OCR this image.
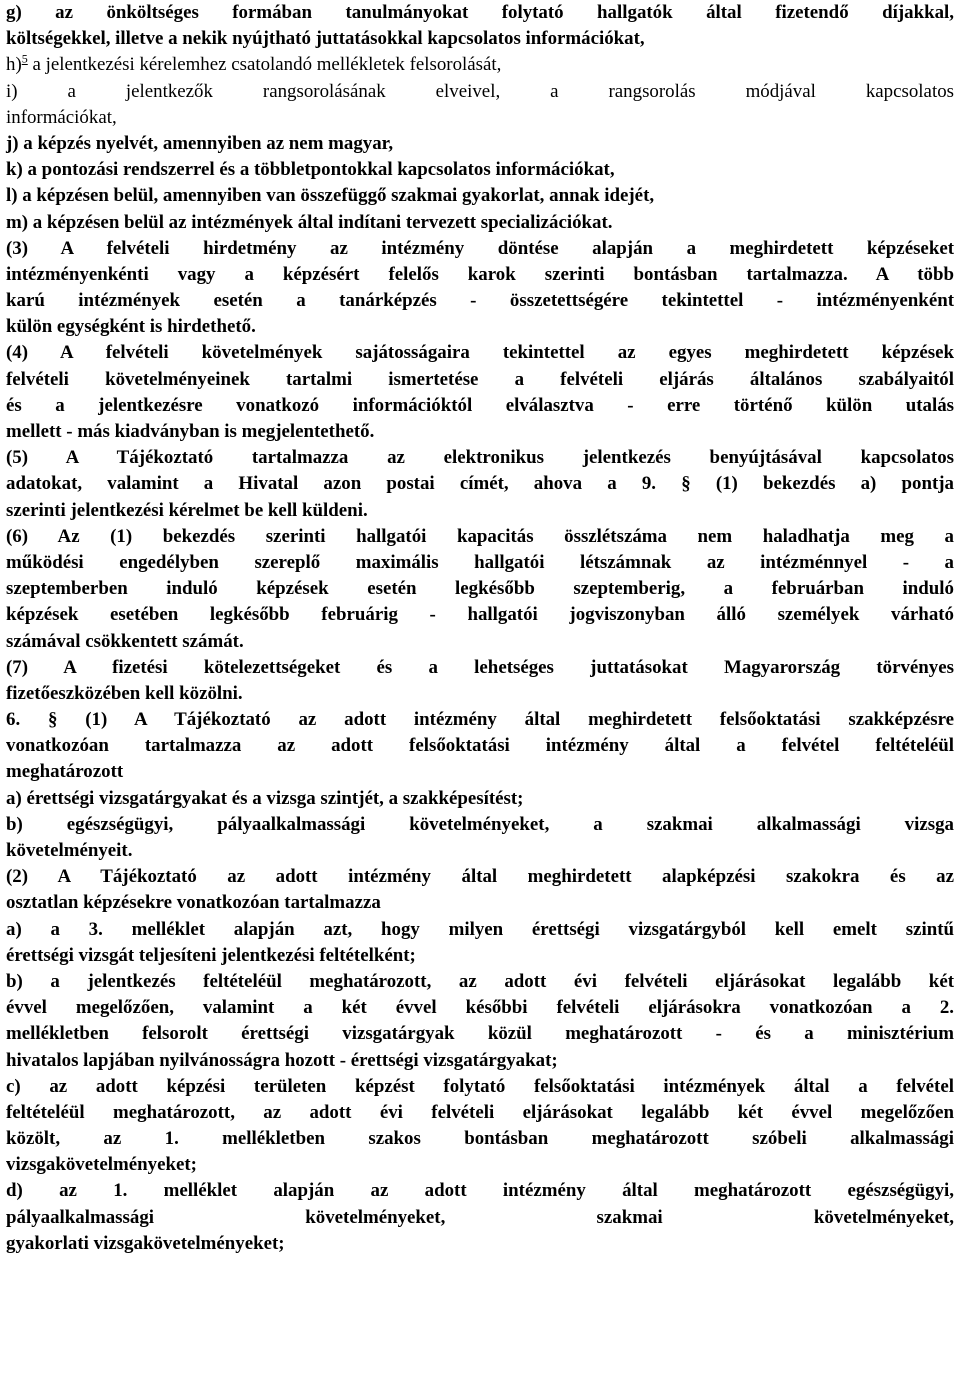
g) az önköltséges formában tanulmányokat folytató hallgatók által fizetendő díjakkal,
költségekkel, illetve a nekik nyújtható juttatásokkal kapcsolatos információkat,
h)$^5$ a jelentkezési kérelemhez csatolandó mellékletek felsorolását,
i) a jelentkezők rangsorolásának elveivel, a rangsorolás módjával kapcsolatos
információkat,
j) a képzés nyelvét, amennyiben az nem magyar,
k) a pontozási rendszerrel és a többletpontokkal kapcsolatos információkat,
l) a képzésen belül, amennyiben van összefüggő szakmai gyakorlat, annak idejét,
m) a képzésen belül az intézmények által indítani tervezett specializációkat.
(3) A felvételi hirdetmény az intézmény döntése alapján a meghirdetett képzéseket
intézményenkénti vagy a képzésért felelős karok szerinti bontásban tartalmazza. A több
karú intézmények esetén a tanárképzés - összetettségére tekintettel - intézményenként
külön egységként is hirdethető.
(4) A felvételi követelmények sajátosságaira tekintettel az egyes meghirdetett képzések
felvételi követelményeinek tartalmi ismertetése a felvételi eljárás általános szabályaitól
és a jelentkezésre vonatkozó információktól elválasztva - erre történő külön utalás
mellett - más kiadványban is megjelentethető.
(5) A Tájékoztató tartalmazza az elektronikus jelentkezés benyújtásával kapcsolatos
adatokat, valamint a Hivatal azon postai címét, ahova a 9. § (1) bekezdés a) pontja
szerinti jelentkezési kérelmet be kell küldeni.
(6) Az (1) bekezdés szerinti hallgatói kapacitás összlétszáma nem haladhatja meg a
működési engedélyben szereplő maximális hallgatói létszámnak az intézménnyel - a
szeptemberben induló képzések esetén legkésőbb szeptemberig, a februárban induló
képzések esetében legkésőbb februárig - hallgatói jogviszonyban álló személyek várható
számával csökkentett számát.
(7) A fizetési kötelezettségeket és a lehetséges juttatásokat Magyarország törvényes
fizetőeszközében kell közölni.
6. § (1) A Tájékoztató az adott intézmény által meghirdetett felsőoktatási szakképzésre
vonatkozóan tartalmazza az adott felsőoktatási intézmény által a felvétel feltételéül
meghatározott
a) érettségi vizsgatárgyakat és a vizsga szintjét, a szakképesítést;
b) egészségügyi, pályaalkalmassági követelményeket, a szakmai alkalmassági vizsga
követelményeit.
(2) A Tájékoztató az adott intézmény által meghirdetett alapképzési szakokra és az
osztatlan képzésekre vonatkozóan tartalmazza
a) a 3. melléklet alapján azt, hogy milyen érettségi vizsgatárgyból kell emelt szintű
érettségi vizsgát teljesíteni jelentkezési feltételként;
b) a jelentkezés feltételéül meghatározott, az adott évi felvételi eljárásokat legalább két
évvel megelőzően, valamint a két évvel későbbi felvételi eljárásokra vonatkozóan a 2.
mellékletben felsorolt érettségi vizsgatárgyak közül meghatározott - és a minisztérium
hivatalos lapjában nyilvánosságra hozott - érettségi vizsgatárgyakat;
c) az adott képzési területen képzést folytató felsőoktatási intézmények által a felvétel
feltételéül meghatározott, az adott évi felvételi eljárásokat legalább két évvel megelőzően
közölt, az 1. mellékletben szakos bontásban meghatározott szóbeli alkalmassági
vizsgakövetelményeket;
d) az 1. melléklet alapján az adott intézmény által meghatározott egészségügyi,
pályaalkalmassági követelményeket, szakmai követelményeket,
gyakorlati vizsgakövetelményeket;
